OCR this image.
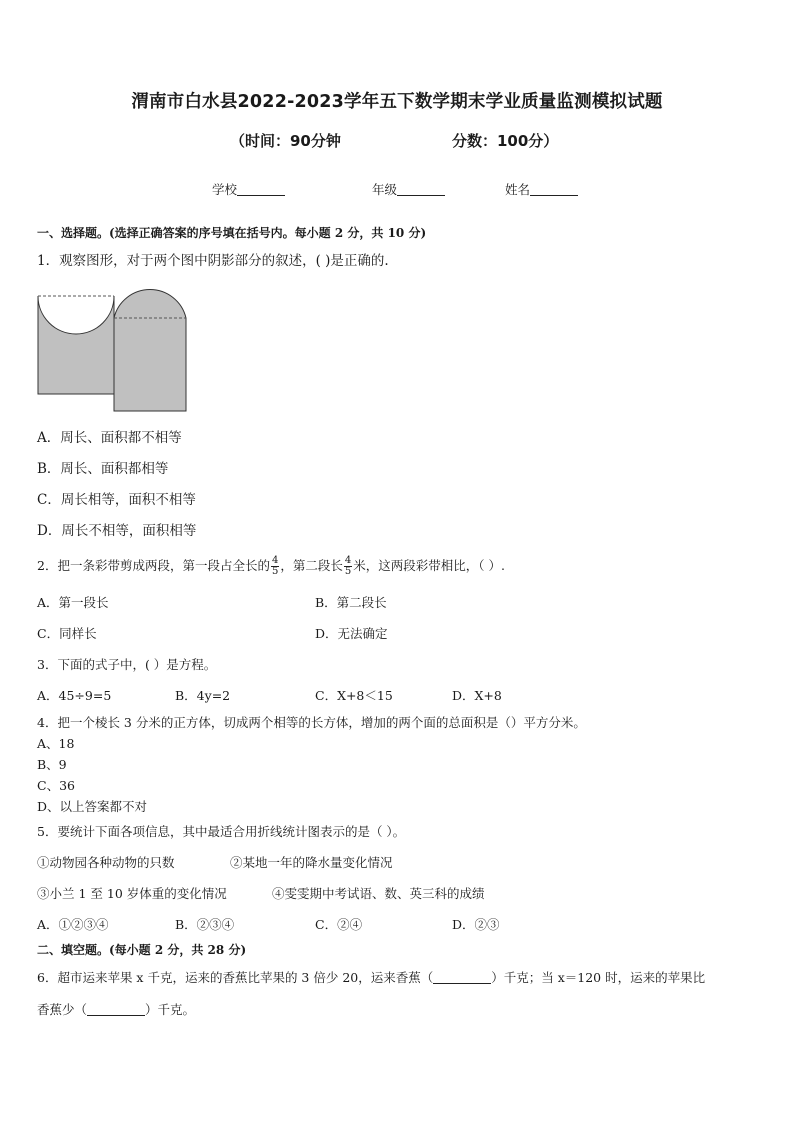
渭南市白水县2022-2023学年五下数学期末学业质量监测模拟试题
（时间：90分钟	分数：100分）
学校	年级	姓名
一、选择题。(选择正确答案的序号填在括号内。每小题 2 分，共 10 分)
1．观察图形，对于两个图中阴影部分的叙述，( )是正确的.
A．周长、面积都不相等
B．周长、面积都相等
C．周长相等，面积不相等
D．周长不相等，面积相等
2．把一条彩带剪成两段，第一段占全长的 $\frac{4}{5}$ ，第二段长 $\frac{4}{5}$ 米，这两段彩带相比，（ ）.
A．第一段长	B．第二段长
C．同样长	D．无法确定
3．下面的式子中，( ）是方程。
A．45÷9=5	B．4y=2	C．X+8＜15	D．X+8
4．把一个棱长 3 分米的正方体，切成两个相等的长方体，增加的两个面的总面积是（）平方分米。
A、18
B、9
C、36
D、以上答案都不对
5．要统计下面各项信息，其中最适合用折线统计图表示的是（ ）。
①动物园各种动物的只数	②某地一年的降水量变化情况
③小兰 1 至 10 岁体重的变化情况	④雯雯期中考试语、数、英三科的成绩
A．①②③④	B．②③④	C．②④	D．②③
二、填空题。(每小题 2 分，共 28 分)
6．超市运来苹果 x 千克，运来的香蕉比苹果的 3 倍少 20，运来香蕉（	）千克；当 x＝120 时，运来的苹果比
香蕉少（	）千克。
